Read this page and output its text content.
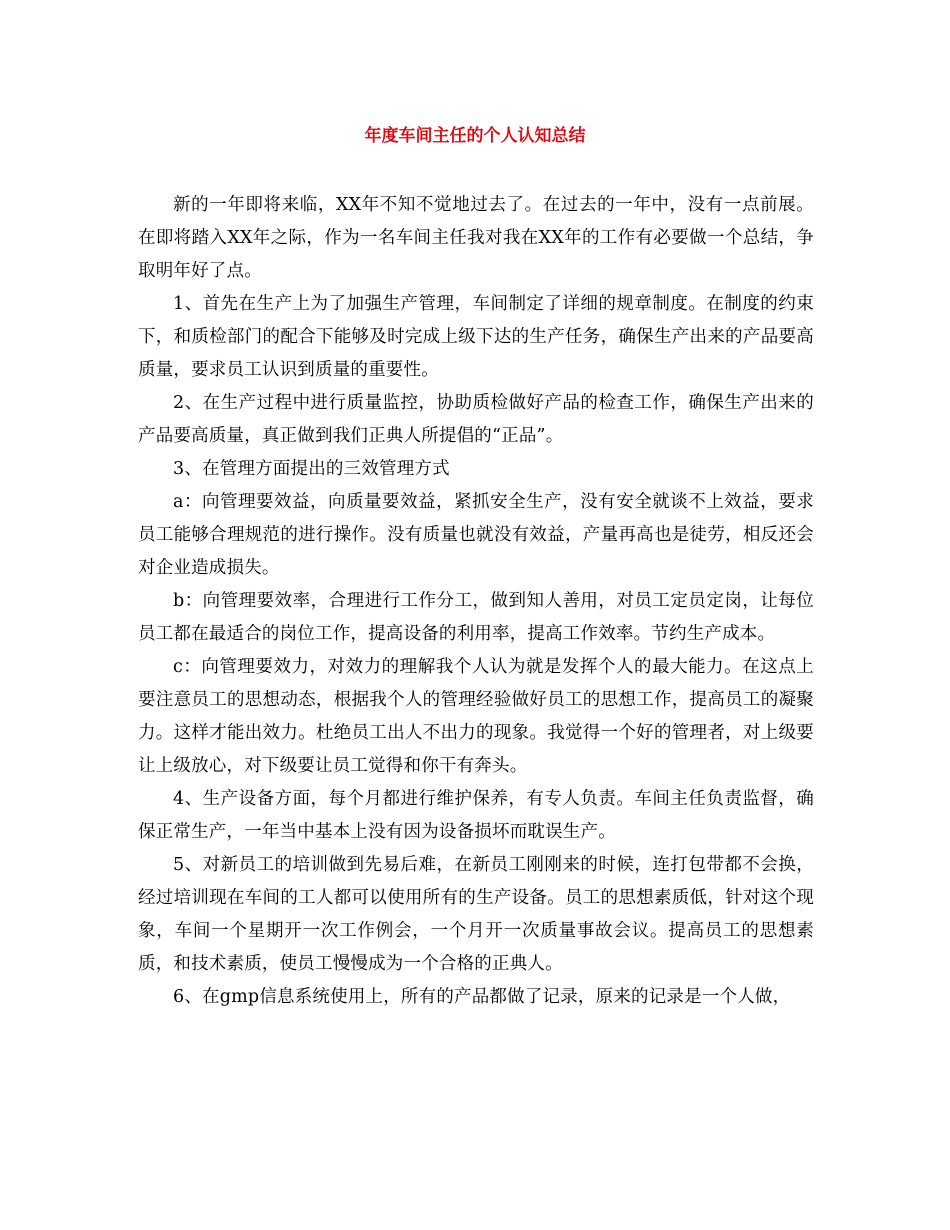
年度车间主任的个人认知总结

新的一年即将来临，XX年不知不觉地过去了。在过去的一年中，没有一点前展。在即将踏入XX年之际，作为一名车间主任我对我在XX年的工作有必要做一个总结，争取明年好了点。

1、首先在生产上为了加强生产管理，车间制定了详细的规章制度。在制度的约束下，和质检部门的配合下能够及时完成上级下达的生产任务，确保生产出来的产品要高质量，要求员工认识到质量的重要性。

2、在生产过程中进行质量监控，协助质检做好产品的检查工作，确保生产出来的产品要高质量，真正做到我们正典人所提倡的“正品”。

3、在管理方面提出的三效管理方式

a：向管理要效益，向质量要效益，紧抓安全生产，没有安全就谈不上效益，要求员工能够合理规范的进行操作。没有质量也就没有效益，产量再高也是徒劳，相反还会对企业造成损失。

b：向管理要效率，合理进行工作分工，做到知人善用，对员工定员定岗，让每位员工都在最适合的岗位工作，提高设备的利用率，提高工作效率。节约生产成本。

c：向管理要效力，对效力的理解我个人认为就是发挥个人的最大能力。在这点上要注意员工的思想动态，根据我个人的管理经验做好员工的思想工作，提高员工的凝聚力。这样才能出效力。杜绝员工出人不出力的现象。我觉得一个好的管理者，对上级要让上级放心，对下级要让员工觉得和你干有奔头。

4、生产设备方面，每个月都进行维护保养，有专人负责。车间主任负责监督，确保正常生产，一年当中基本上没有因为设备损坏而耽误生产。

5、对新员工的培训做到先易后难，在新员工刚刚来的时候，连打包带都不会换，经过培训现在车间的工人都可以使用所有的生产设备。员工的思想素质低，针对这个现象，车间一个星期开一次工作例会，一个月开一次质量事故会议。提高员工的思想素质，和技术素质，使员工慢慢成为一个合格的正典人。

6、在gmp信息系统使用上，所有的产品都做了记录，原来的记录是一个人做，
